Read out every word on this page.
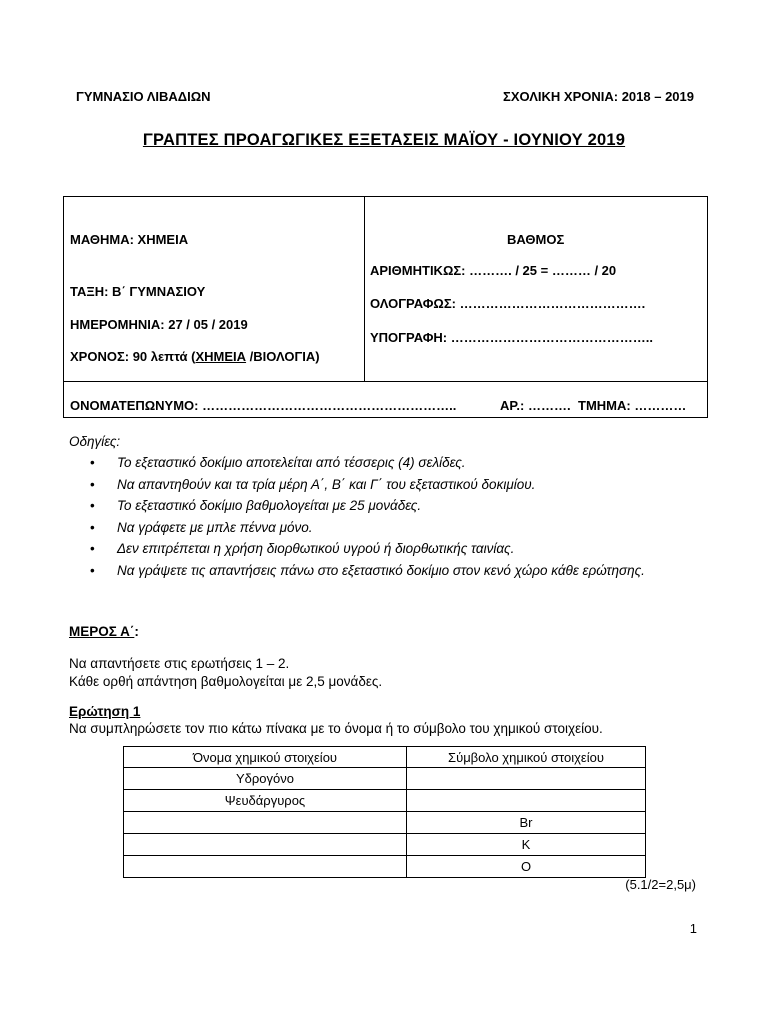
ΓΥΜΝΑΣΙΟ ΛΙΒΑΔΙΩΝ	ΣΧΟΛΙΚΗ ΧΡΟΝΙΑ: 2018 – 2019
ΓΡΑΠΤΕΣ ΠΡΟΑΓΩΓΙΚΕΣ ΕΞΕΤΑΣΕΙΣ ΜΑΪΟΥ - ΙΟΥΝΙΟΥ 2019
ΜΑΘΗΜΑ: ΧΗΜΕΙΑ
ΤΑΞΗ: Β΄ ΓΥΜΝΑΣΙΟΥ
ΗΜΕΡΟΜΗΝΙΑ: 27 / 05 / 2019
ΧΡΟΝΟΣ: 90 λεπτά (ΧΗΜΕΙΑ /ΒΙΟΛΟΓΙΑ)
ΒΑΘΜΟΣ
ΑΡΙΘΜΗΤΙΚΩΣ: ………. / 25 = ……… / 20
ΟΛΟΓΡΑΦΩΣ: …………………………………….
ΥΠΟΓΡΑΦΗ: ………………………………………..
ΟΝΟΜΑΤΕΠΩΝΥΜΟ: …………………………………………………..	ΑΡ.: ………. ΤΜΗΜΑ: …………
Οδηγίες:
• Το εξεταστικό δοκίμιο αποτελείται από τέσσερις (4) σελίδες.
• Να απαντηθούν και τα τρία μέρη Α΄, Β΄ και Γ΄ του εξεταστικού δοκιμίου.
• Το εξεταστικό δοκίμιο βαθμολογείται με 25 μονάδες.
• Να γράφετε με μπλε πέννα μόνο.
• Δεν επιτρέπεται η χρήση διορθωτικού υγρού ή διορθωτικής ταινίας.
• Να γράψετε τις απαντήσεις πάνω στο εξεταστικό δοκίμιο στον κενό χώρο κάθε ερώτησης.
ΜΕΡΟΣ Α΄:
Να απαντήσετε στις ερωτήσεις 1 – 2.
Κάθε ορθή απάντηση βαθμολογείται με 2,5 μονάδες.
Ερώτηση 1
Να συμπληρώσετε τον πιο κάτω πίνακα με το όνομα ή το σύμβολο του χημικού στοιχείου.
Όνομα χημικού στοιχείου	Σύμβολο χημικού στοιχείου
Υδρογόνο	
Ψευδάργυρος	
	Br
	K
	O
(5.1/2=2,5μ)
1
